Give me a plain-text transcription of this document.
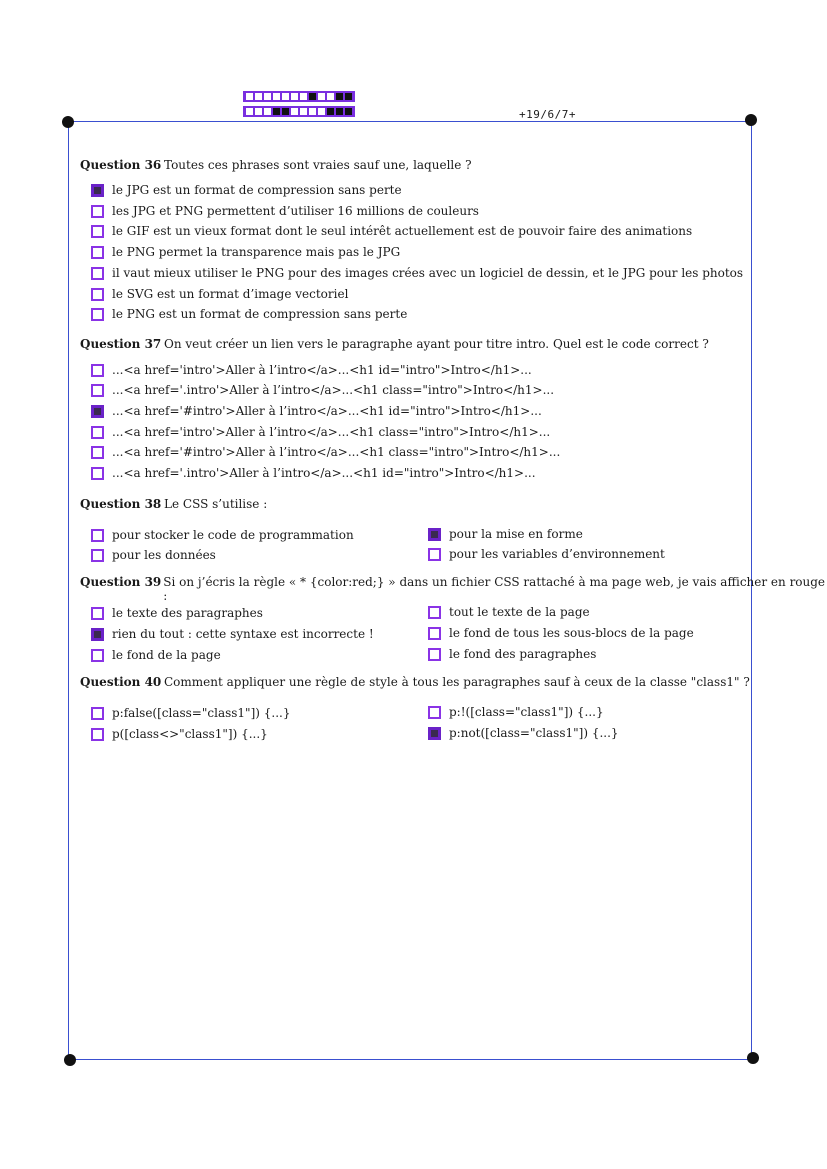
+19/6/7+
Question 36 Toutes ces phrases sont vraies sauf une, laquelle ?
le JPG est un format de compression sans perte
les JPG et PNG permettent d’utiliser 16 millions de couleurs
le GIF est un vieux format dont le seul intérêt actuellement est de pouvoir faire des animations
le PNG permet la transparence mais pas le JPG
il vaut mieux utiliser le PNG pour des images crées avec un logiciel de dessin, et le JPG pour les photos
le SVG est un format d’image vectoriel
le PNG est un format de compression sans perte
Question 37 On veut créer un lien vers le paragraphe ayant pour titre intro. Quel est le code correct ?
...<a href='intro'>Aller à l’intro</a>...<h1 id="intro">Intro</h1>...
...<a href='.intro'>Aller à l’intro</a>...<h1 class="intro">Intro</h1>...
...<a href='#intro'>Aller à l’intro</a>...<h1 id="intro">Intro</h1>...
...<a href='intro'>Aller à l’intro</a>...<h1 class="intro">Intro</h1>...
...<a href='#intro'>Aller à l’intro</a>...<h1 class="intro">Intro</h1>...
...<a href='.intro'>Aller à l’intro</a>...<h1 id="intro">Intro</h1>...
Question 38 Le CSS s’utilise :
pour stocker le code de programmation	pour la mise en forme
pour les données	pour les variables d’environnement
Question 39 Si on j’écris la règle « * {color:red;} » dans un fichier CSS rattaché à ma page web, je vais afficher en rouge :
le texte des paragraphes	tout le texte de la page
rien du tout : cette syntaxe est incorrecte !	le fond de tous les sous-blocs de la page
le fond de la page	le fond des paragraphes
Question 40 Comment appliquer une règle de style à tous les paragraphes sauf à ceux de la classe "class1" ?
p:false([class="class1"]) {...}	p:!([class="class1"]) {...}
p([class<>"class1"]) {...}	p:not([class="class1"]) {...}
